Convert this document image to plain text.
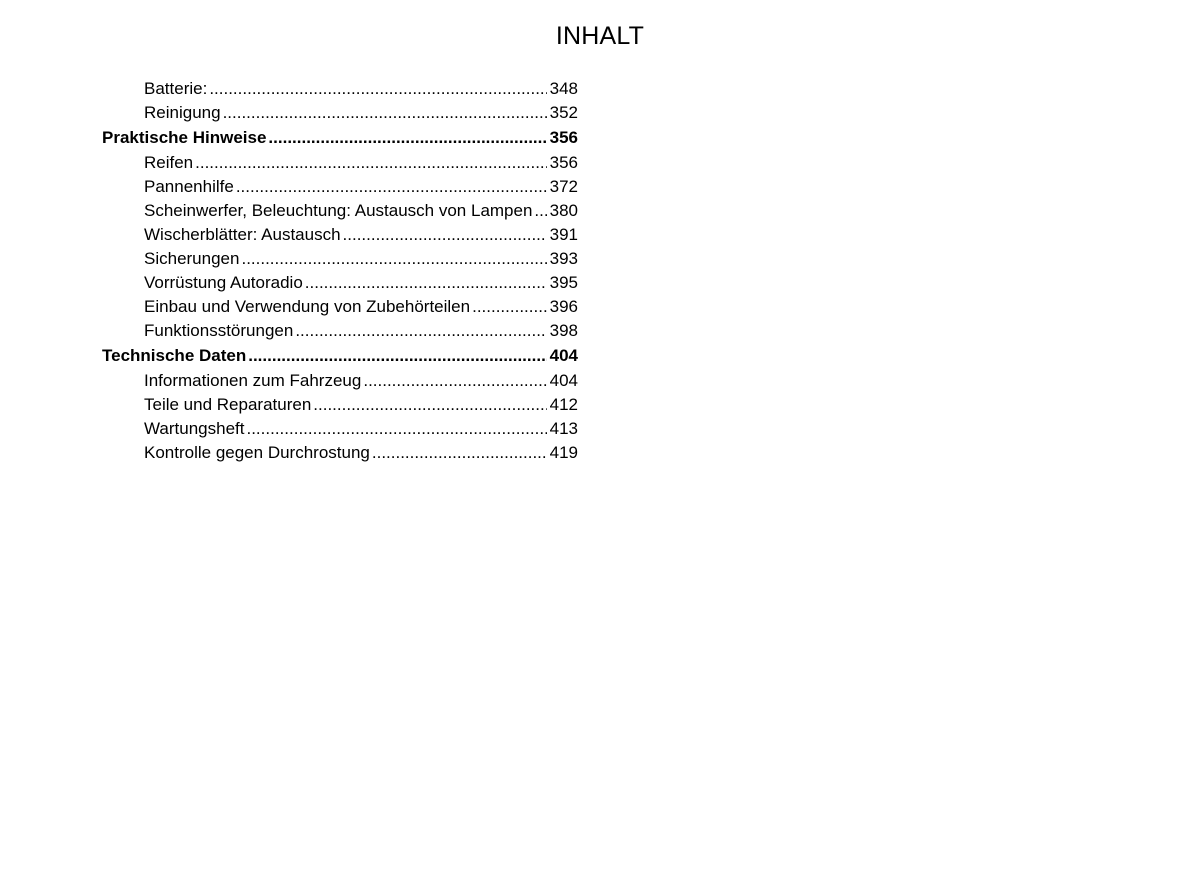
INHALT
Batterie: .....	348
Reinigung .....	352
Praktische Hinweise .....	356
Reifen .....	356
Pannenhilfe .....	372
Scheinwerfer, Beleuchtung: Austausch von Lampen ..... 380
Wischerblätter: Austausch .....	391
Sicherungen .....	393
Vorrüstung Autoradio .....	395
Einbau und Verwendung von Zubehörteilen .....	396
Funktionsstörungen .....	398
Technische Daten .....	404
Informationen zum Fahrzeug .....	404
Teile und Reparaturen .....	412
Wartungsheft .....	413
Kontrolle gegen Durchrostung .....	419
